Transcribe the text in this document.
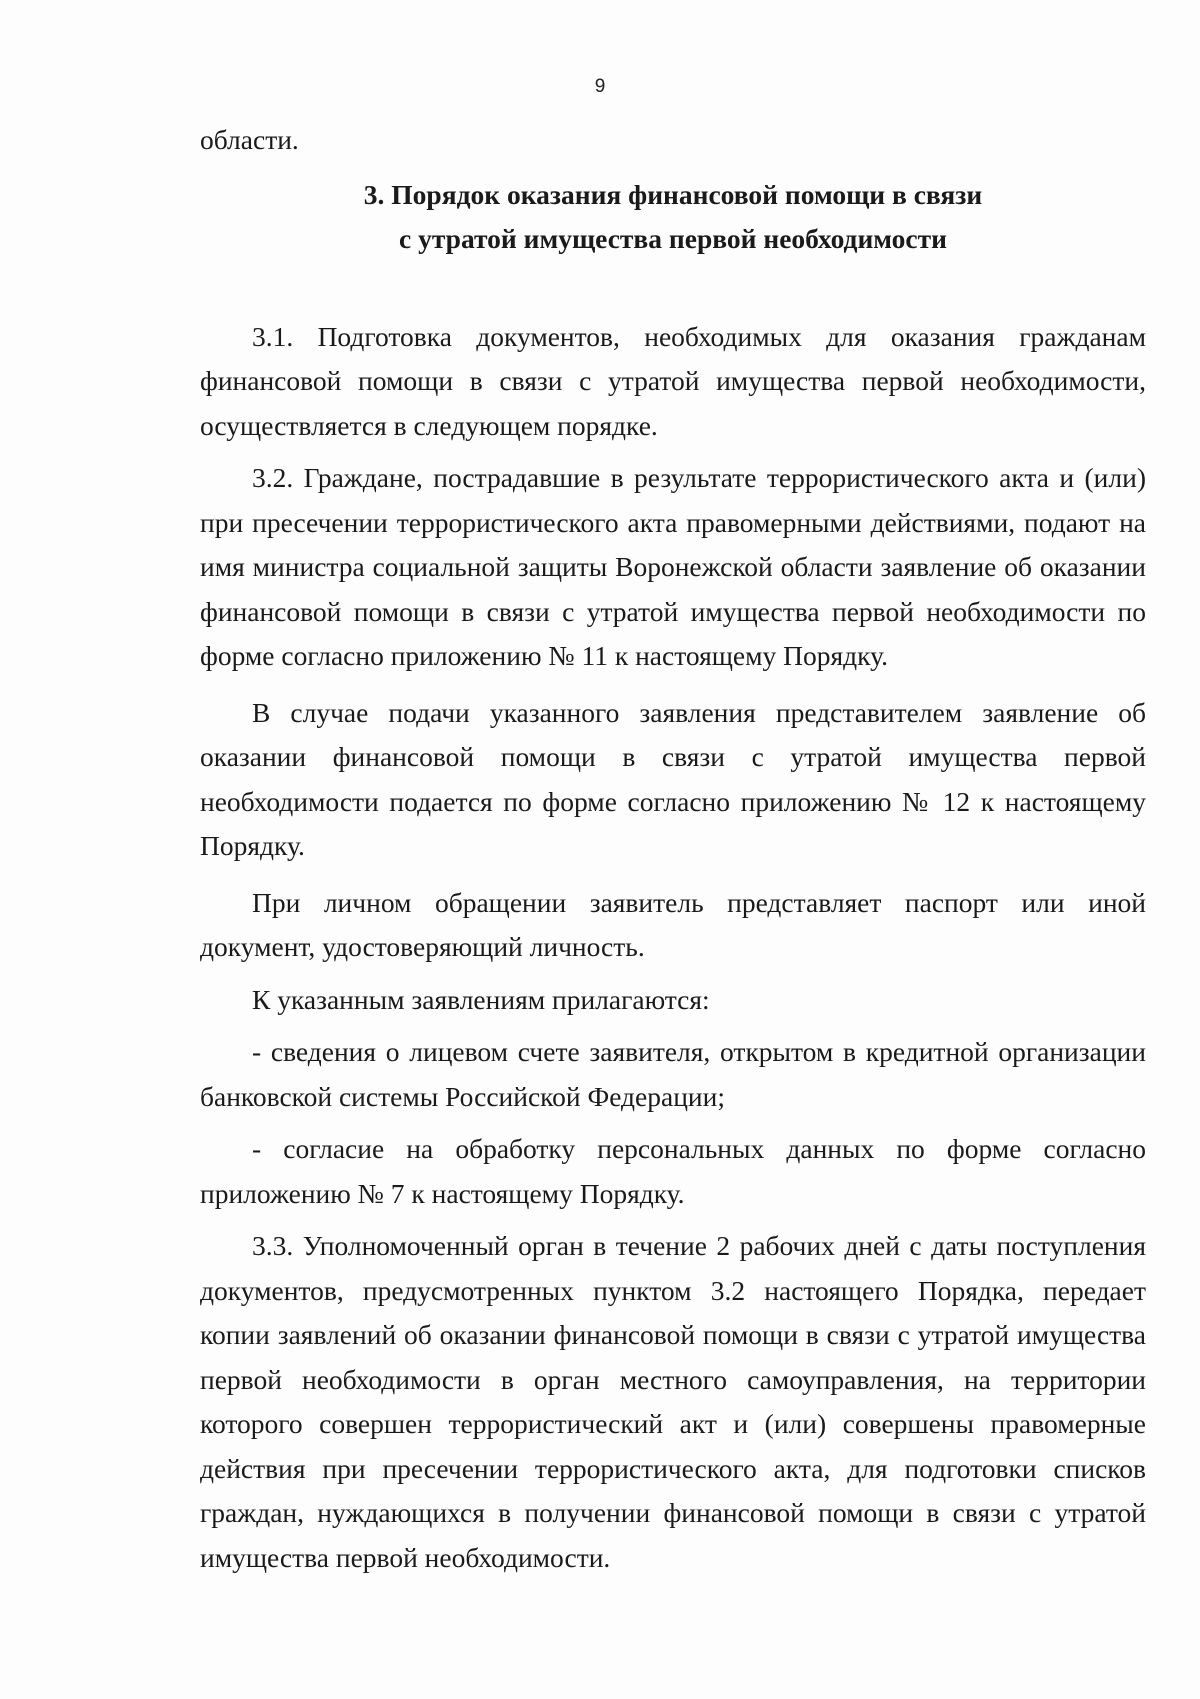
9

области.

3. Порядок оказания финансовой помощи в связи
с утратой имущества первой необходимости

3.1. Подготовка документов, необходимых для оказания гражданам финансовой помощи в связи с утратой имущества первой необходимости, осуществляется в следующем порядке.

3.2. Граждане, пострадавшие в результате террористического акта и (или) при пресечении террористического акта правомерными действиями, подают на имя министра социальной защиты Воронежской области заявление об оказании финансовой помощи в связи с утратой имущества первой необходимости по форме согласно приложению № 11 к настоящему Порядку.

В случае подачи указанного заявления представителем заявление об оказании финансовой помощи в связи с утратой имущества первой необходимости подается по форме согласно приложению № 12 к настоящему Порядку.

При личном обращении заявитель представляет паспорт или иной документ, удостоверяющий личность.

К указанным заявлениям прилагаются:

- сведения о лицевом счете заявителя, открытом в кредитной организации банковской системы Российской Федерации;

- согласие на обработку персональных данных по форме согласно приложению № 7 к настоящему Порядку.

3.3. Уполномоченный орган в течение 2 рабочих дней с даты поступления документов, предусмотренных пунктом 3.2 настоящего Порядка, передает копии заявлений об оказании финансовой помощи в связи с утратой имущества первой необходимости в орган местного самоуправления, на территории которого совершен террористический акт и (или) совершены правомерные действия при пресечении террористического акта, для подготовки списков граждан, нуждающихся в получении финансовой помощи в связи с утратой имущества первой необходимости.
